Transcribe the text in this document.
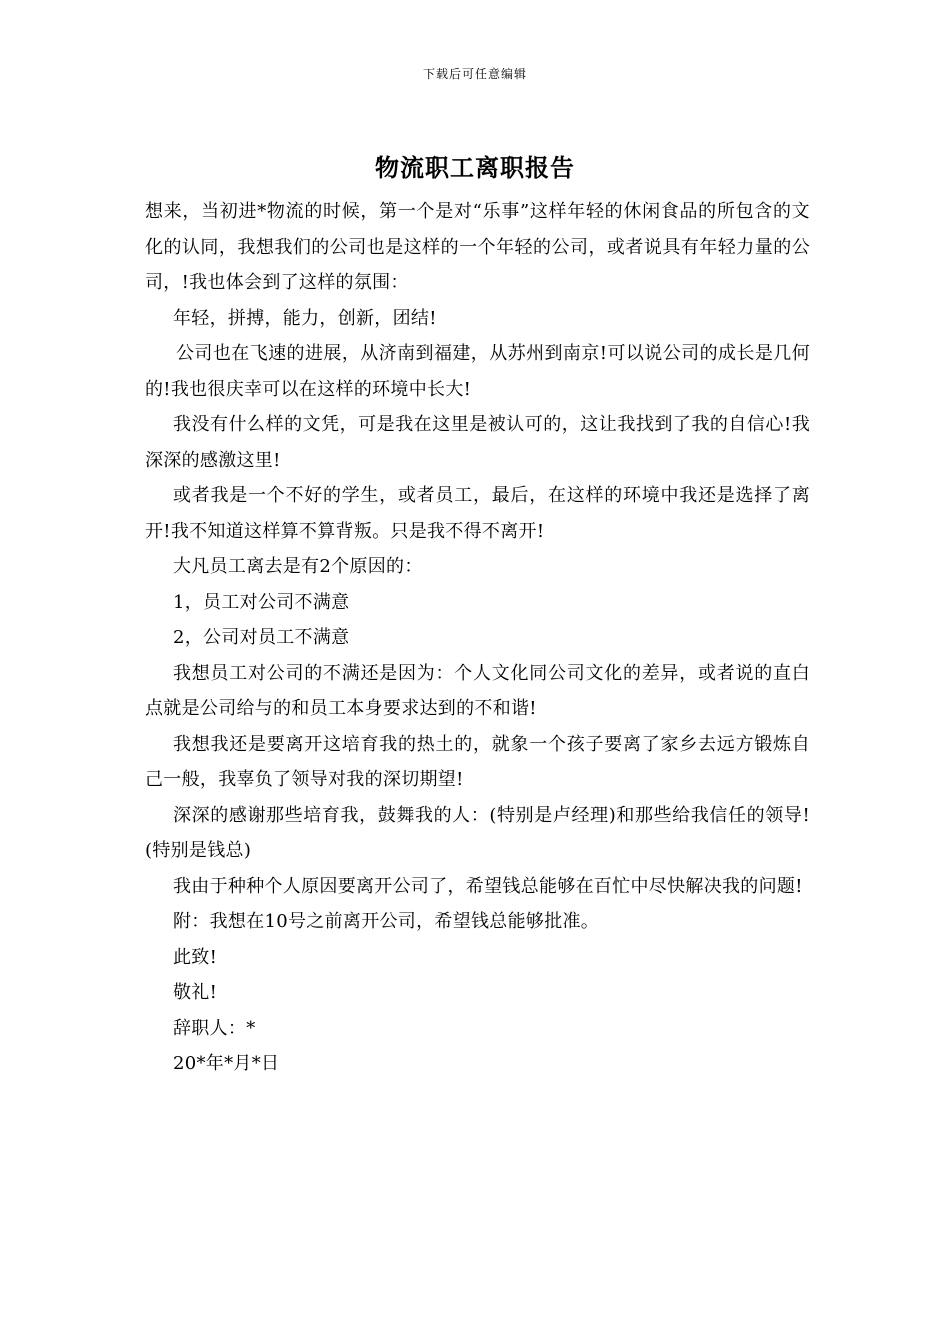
下载后可任意编辑
物流职工离职报告

想来，当初进*物流的时候，第一个是对“乐事”这样年轻的休闲食品的所包含的文化的认同，我想我们的公司也是这样的一个年轻的公司，或者说具有年轻力量的公司，!我也体会到了这样的氛围：

年轻，拼搏，能力，创新，团结!

公司也在飞速的进展，从济南到福建，从苏州到南京!可以说公司的成长是几何的!我也很庆幸可以在这样的环境中长大!

我没有什么样的文凭，可是我在这里是被认可的，这让我找到了我的自信心!我深深的感激这里!

或者我是一个不好的学生，或者员工，最后，在这样的环境中我还是选择了离开!我不知道这样算不算背叛。只是我不得不离开!

大凡员工离去是有2个原因的：

1，员工对公司不满意

2，公司对员工不满意

我想员工对公司的不满还是因为：个人文化同公司文化的差异，或者说的直白点就是公司给与的和员工本身要求达到的不和谐!

我想我还是要离开这培育我的热土的，就象一个孩子要离了家乡去远方锻炼自己一般，我辜负了领导对我的深切期望!

深深的感谢那些培育我，鼓舞我的人：(特别是卢经理)和那些给我信任的领导!(特别是钱总)

我由于种种个人原因要离开公司了，希望钱总能够在百忙中尽快解决我的问题!

附：我想在10号之前离开公司，希望钱总能够批准。

此致!

敬礼!

辞职人：*

20*年*月*日
